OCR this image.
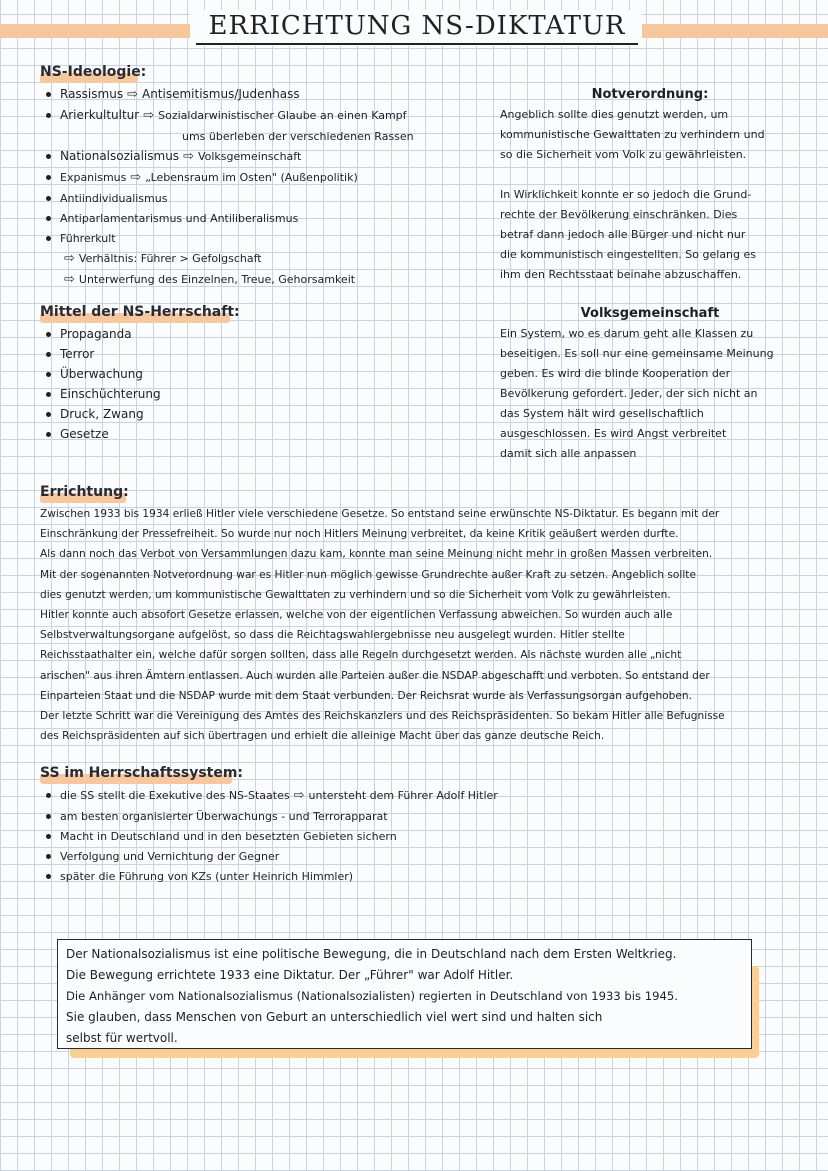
ERRICHTUNG NS-DIKTATUR

NS-Ideologie:

Rassismus ⇨ Antisemitismus/Judenhass
Arierkultultur ⇨ Sozialdarwinistischer Glaube an einen Kampf
ums überleben der verschiedenen Rassen
Nationalsozialismus ⇨ Volksgemeinschaft
Expanismus ⇨ „Lebensraum im Osten" (Außenpolitik)
Antiindividualismus
Antiparlamentarismus und Antiliberalismus
Führerkult
⇨ Verhältnis: Führer > Gefolgschaft
⇨ Unterwerfung des Einzelnen, Treue, Gehorsamkeit

Notverordnung:

Angeblich sollte dies genutzt werden, um

kommunistische Gewalttaten zu verhindern und

so die Sicherheit vom Volk zu gewährleisten.

In Wirklichkeit konnte er so jedoch die Grund-

rechte der Bevölkerung einschränken. Dies

betraf dann jedoch alle Bürger und nicht nur

die kommunistisch eingestellten. So gelang es

ihm den Rechtsstaat beinahe abzuschaffen.

Mittel der NS-Herrschaft:

Propaganda
Terror
Überwachung
Einschüchterung
Druck, Zwang
Gesetze

Volksgemeinschaft

Ein System, wo es darum geht alle Klassen zu

beseitigen. Es soll nur eine gemeinsame Meinung

geben. Es wird die blinde Kooperation der

Bevölkerung gefordert. Jeder, der sich nicht an

das System hält wird gesellschaftlich

ausgeschlossen. Es wird Angst verbreitet

damit sich alle anpassen

Errichtung:

Zwischen 1933 bis 1934 erließ Hitler viele verschiedene Gesetze. So entstand seine erwünschte NS-Diktatur. Es begann mit der
Einschränkung der Pressefreiheit. So wurde nur noch Hitlers Meinung verbreitet, da keine Kritik geäußert werden durfte.
Als dann noch das Verbot von Versammlungen dazu kam, konnte man seine Meinung nicht mehr in großen Massen verbreiten.
Mit der sogenannten Notverordnung war es Hitler nun möglich gewisse Grundrechte außer Kraft zu setzen. Angeblich sollte
dies genutzt werden, um kommunistische Gewalttaten zu verhindern und so die Sicherheit vom Volk zu gewährleisten.
Hitler konnte auch absofort Gesetze erlassen, welche von der eigentlichen Verfassung abweichen. So wurden auch alle
Selbstverwaltungsorgane aufgelöst, so dass die Reichtagswahlergebnisse neu ausgelegt wurden. Hitler stellte
Reichsstaathalter ein, welche dafür sorgen sollten, dass alle Regeln durchgesetzt werden. Als nächste wurden alle „nicht
arischen" aus ihren Ämtern entlassen. Auch wurden alle Parteien außer die NSDAP abgeschafft und verboten. So entstand der
Einparteien Staat und die NSDAP wurde mit dem Staat verbunden. Der Reichsrat wurde als Verfassungsorgan aufgehoben.
Der letzte Schritt war die Vereinigung des Amtes des Reichskanzlers und des Reichspräsidenten. So bekam Hitler alle Befugnisse
des Reichspräsidenten auf sich übertragen und erhielt die alleinige Macht über das ganze deutsche Reich.

SS im Herrschaftssystem:

die SS stellt die Exekutive des NS-Staates ⇨ untersteht dem Führer Adolf Hitler
am besten organisierter Überwachungs - und Terrorapparat
Macht in Deutschland und in den besetzten Gebieten sichern
Verfolgung und Vernichtung der Gegner
später die Führung von KZs (unter Heinrich Himmler)

Der Nationalsozialismus ist eine politische Bewegung, die in Deutschland nach dem Ersten Weltkrieg.

Die Bewegung errichtete 1933 eine Diktatur. Der „Führer" war Adolf Hitler.

Die Anhänger vom Nationalsozialismus (Nationalsozialisten) regierten in Deutschland von 1933 bis 1945.

Sie glauben, dass Menschen von Geburt an unterschiedlich viel wert sind und halten sich

selbst für wertvoll.
